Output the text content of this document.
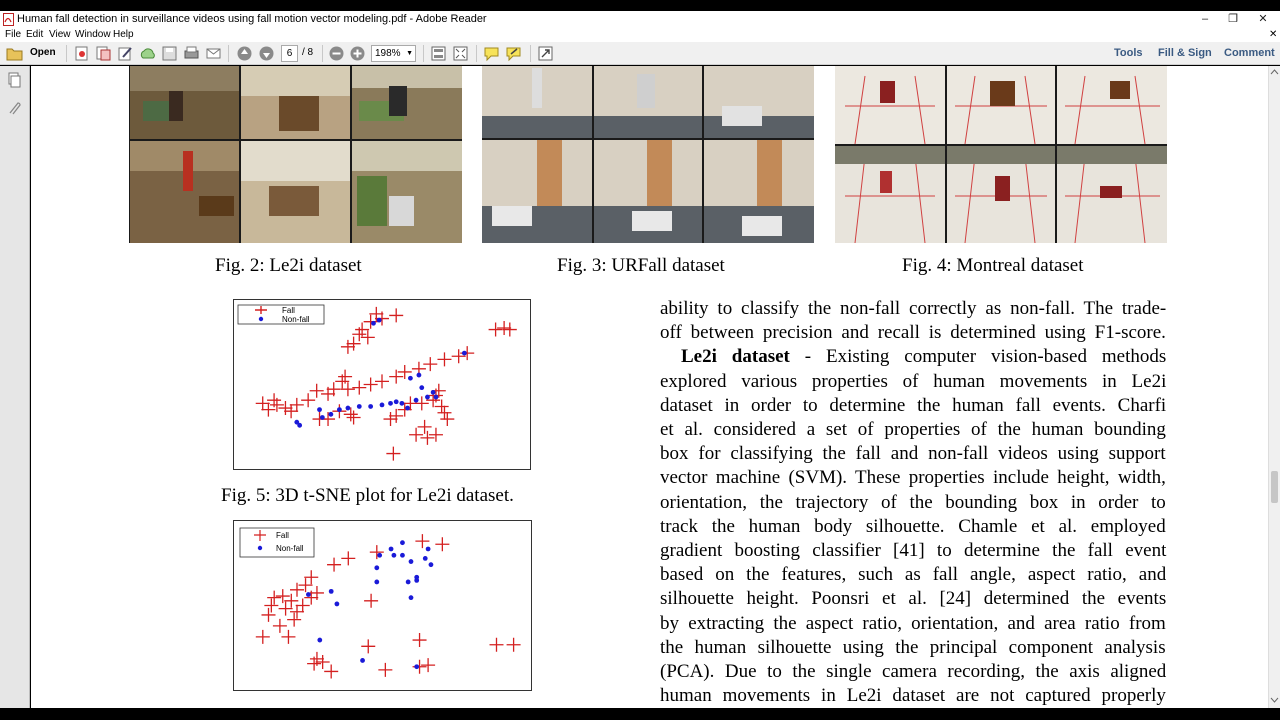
Human fall detection in surveillance videos using fall motion vector modeling.pdf - Adobe Reader	–	❐	✕
File Edit View Window Help	✕
Open	6 / 8	198% ▼	Tools Fill & Sign Comment
Fig. 2: Le2i dataset	Fig. 3: URFall dataset	Fig. 4: Montreal dataset
Fall
Non-fall
Fig. 5: 3D t-SNE plot for Le2i dataset.
Fall
Non-fall
ability to classify the non-fall correctly as non-fall. The trade-
off between precision and recall is determined using F1-score.
Le2i dataset - Existing computer vision-based methods
explored various properties of human movements in Le2i
dataset in order to determine the human fall events. Charfi
et al. considered a set of properties of the human bounding
box for classifying the fall and non-fall videos using support
vector machine (SVM). These properties include height, width,
orientation, the trajectory of the bounding box in order to
track the human body silhouette. Chamle et al. employed
gradient boosting classifier [41] to determine the fall event
based on the features, such as fall angle, aspect ratio, and
silhouette height. Poonsri et al. [24] determined the events
by extracting the aspect ratio, orientation, and area ratio from
the human silhouette using the principal component analysis
(PCA). Due to the single camera recording, the axis aligned
human movements in Le2i dataset are not captured properly
